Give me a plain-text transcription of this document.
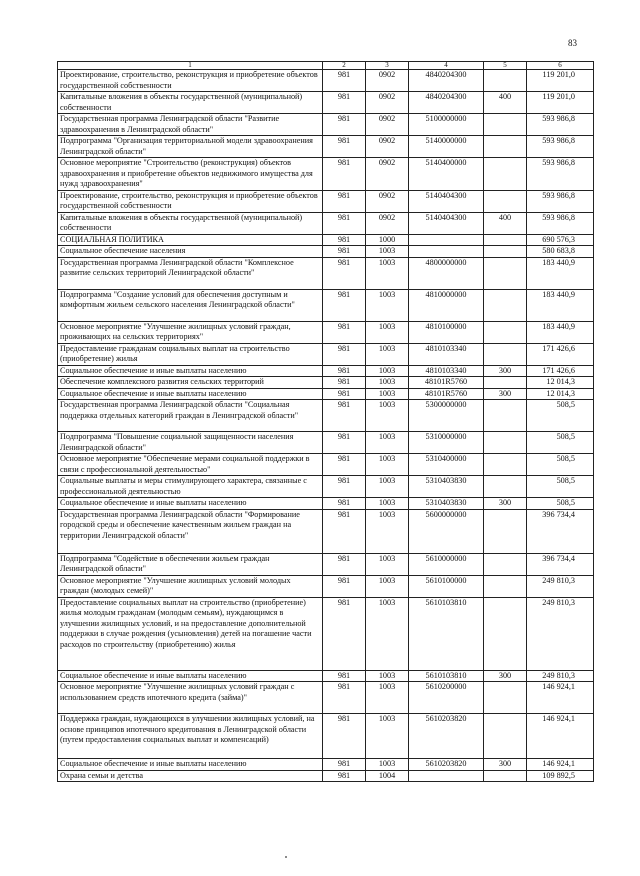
83
1	2	3	4	5	6
Проектирование, строительство, реконструкция и приобретение объектов государственной собственности	981	0902	4840204300		119 201,0
Капитальные вложения в объекты государственной (муниципальной) собственности	981	0902	4840204300	400	119 201,0
Государственная программа Ленинградской области "Развитие здравоохранения в Ленинградской области"	981	0902	5100000000		593 986,8
Подпрограмма "Организация территориальной модели здравоохранения Ленинградской области"	981	0902	5140000000		593 986,8
Основное мероприятие "Строительство (реконструкция) объектов здравоохранения и приобретение объектов недвижимого имущества для нужд здравоохранения"	981	0902	5140400000		593 986,8
Проектирование, строительство, реконструкция и приобретение объектов государственной собственности	981	0902	5140404300		593 986,8
Капитальные вложения в объекты государственной (муниципальной) собственности	981	0902	5140404300	400	593 986,8
СОЦИАЛЬНАЯ ПОЛИТИКА	981	1000			690 576,3
Социальное обеспечение населения	981	1003			580 683,8
Государственная программа Ленинградской области "Комплексное развитие сельских территорий Ленинградской области"	981	1003	4800000000		183 440,9
Подпрограмма "Создание условий для обеспечения доступным и комфортным жильем сельского населения Ленинградской области"	981	1003	4810000000		183 440,9
Основное мероприятие "Улучшение жилищных условий граждан, проживающих на сельских территориях"	981	1003	4810100000		183 440,9
Предоставление гражданам социальных выплат на строительство (приобретение) жилья	981	1003	4810103340		171 426,6
Социальное обеспечение и иные выплаты населению	981	1003	4810103340	300	171 426,6
Обеспечение комплексного развития сельских территорий	981	1003	48101R5760		12 014,3
Социальное обеспечение и иные выплаты населению	981	1003	48101R5760	300	12 014,3
Государственная программа Ленинградской области "Социальная поддержка отдельных категорий граждан в Ленинградской области"	981	1003	5300000000		508,5
Подпрограмма "Повышение социальной защищенности населения Ленинградской области"	981	1003	5310000000		508,5
Основное мероприятие "Обеспечение мерами социальной поддержки в связи с профессиональной деятельностью"	981	1003	5310400000		508,5
Социальные выплаты и меры стимулирующего характера, связанные с профессиональной деятельностью	981	1003	5310403830		508,5
Социальное обеспечение и иные выплаты населению	981	1003	5310403830	300	508,5
Государственная программа Ленинградской области "Формирование городской среды и обеспечение качественным жильем граждан на территории Ленинградской области"	981	1003	5600000000		396 734,4
Подпрограмма "Содействие в обеспечении жильем граждан Ленинградской области"	981	1003	5610000000		396 734,4
Основное мероприятие "Улучшение жилищных условий молодых граждан (молодых семей)"	981	1003	5610100000		249 810,3
Предоставление социальных выплат на строительство (приобретение) жилья молодым гражданам (молодым семьям), нуждающимся в улучшении жилищных условий, и на предоставление дополнительной поддержки в случае рождения (усыновления) детей на погашение части расходов по строительству (приобретению) жилья	981	1003	5610103810		249 810,3
Социальное обеспечение и иные выплаты населению	981	1003	5610103810	300	249 810,3
Основное мероприятие "Улучшение жилищных условий граждан с использованием средств ипотечного кредита (займа)"	981	1003	5610200000		146 924,1
Поддержка граждан, нуждающихся в улучшении жилищных условий, на основе принципов ипотечного кредитования в Ленинградской области (путем предоставления социальных выплат и компенсаций)	981	1003	5610203820		146 924,1
Социальное обеспечение и иные выплаты населению	981	1003	5610203820	300	146 924,1
Охрана семьи и детства	981	1004			109 892,5
